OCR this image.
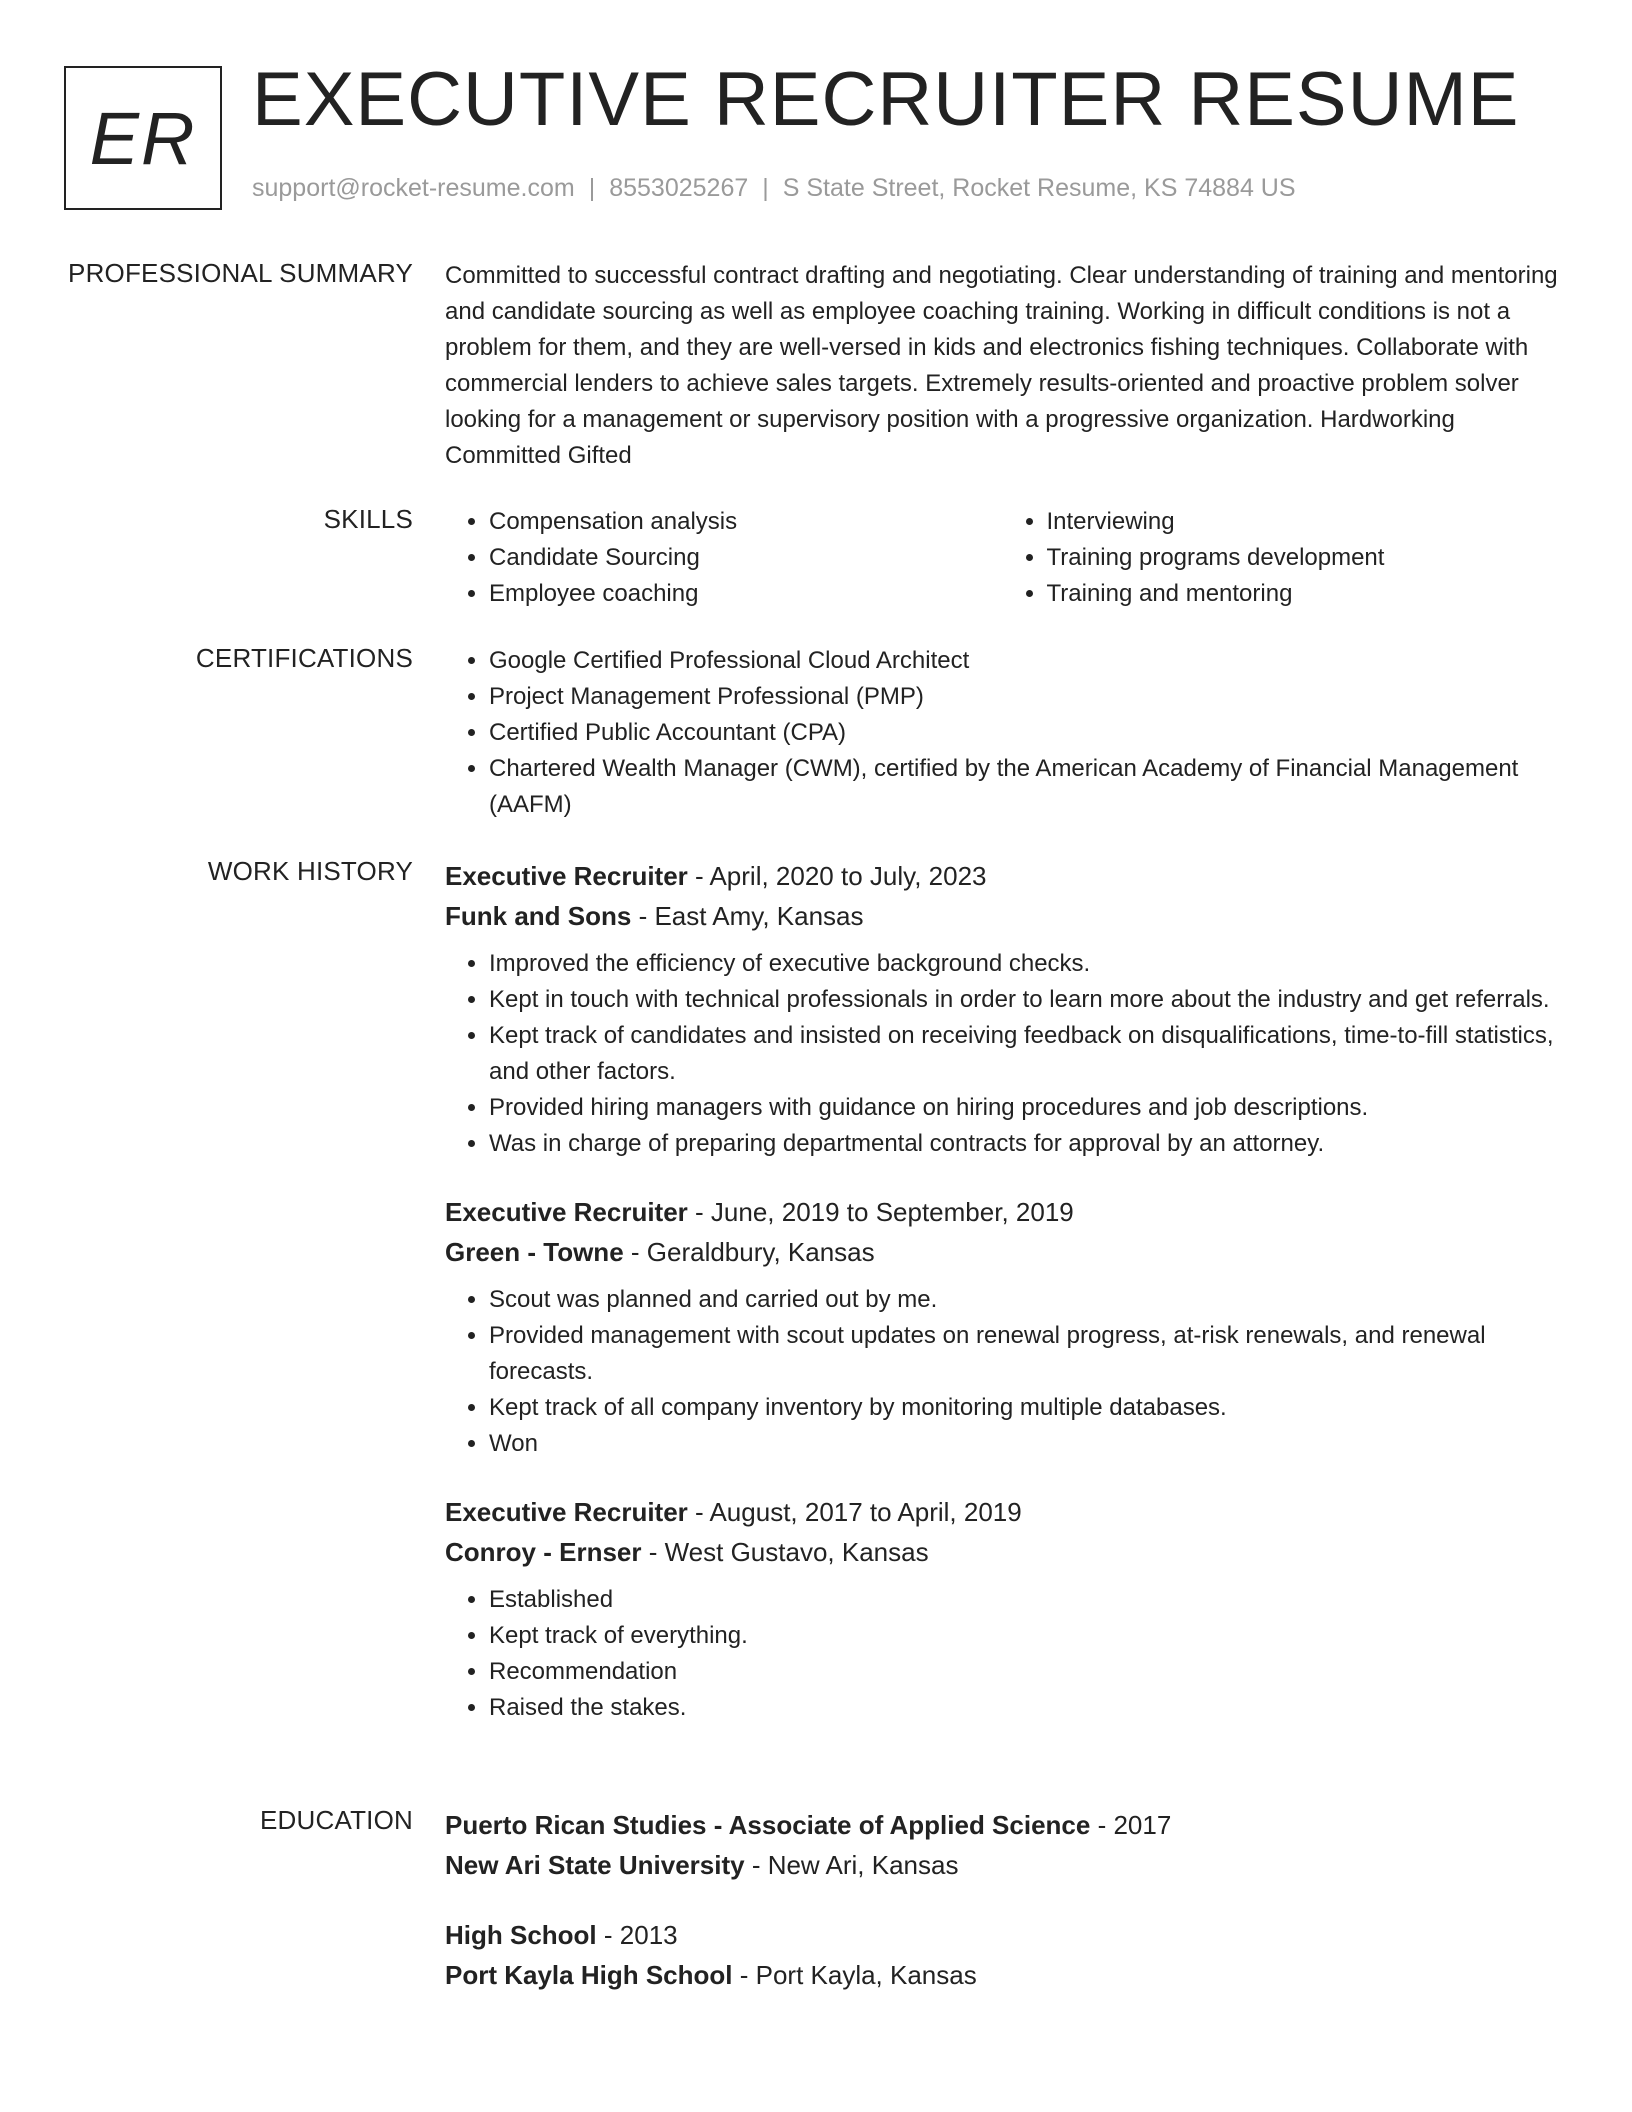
ER EXECUTIVE RECRUITER RESUME
support@rocket-resume.com | 8553025267 | S State Street, Rocket Resume, KS 74884 US
PROFESSIONAL SUMMARY Committed to successful contract drafting and negotiating. Clear understanding of training and mentoring and candidate sourcing as well as employee coaching training. Working in difficult conditions is not a problem for them, and they are well-versed in kids and electronics fishing techniques. Collaborate with commercial lenders to achieve sales targets. Extremely results-oriented and proactive problem solver looking for a management or supervisory position with a progressive organization. Hardworking Committed Gifted

SKILLS	• Compensation analysis
• Candidate Sourcing
• Employee coaching
• Interviewing
• Training programs development
• Training and mentoring
CERTIFICATIONS	• Google Certified Professional Cloud Architect
• Project Management Professional (PMP)
• Certified Public Accountant (CPA)
• Chartered Wealth Manager (CWM), certified by the American Academy of Financial Management (AAFM)
WORK HISTORY Executive Recruiter - April, 2020 to July, 2023
Funk and Sons - East Amy, Kansas
• Improved the efficiency of executive background checks.
• Kept in touch with technical professionals in order to learn more about the industry and get referrals.
• Kept track of candidates and insisted on receiving feedback on disqualifications, time-to-fill statistics, and other factors.
• Provided hiring managers with guidance on hiring procedures and job descriptions.
• Was in charge of preparing departmental contracts for approval by an attorney.
Executive Recruiter - June, 2019 to September, 2019
Green - Towne - Geraldbury, Kansas
• Scout was planned and carried out by me.
• Provided management with scout updates on renewal progress, at-risk renewals, and renewal forecasts.
• Kept track of all company inventory by monitoring multiple databases.
• Won
Executive Recruiter - August, 2017 to April, 2019
Conroy - Ernser - West Gustavo, Kansas
• Established
• Kept track of everything.
• Recommendation
• Raised the stakes.
EDUCATION Puerto Rican Studies - Associate of Applied Science - 2017
New Ari State University - New Ari, Kansas
High School - 2013
Port Kayla High School - Port Kayla, Kansas
